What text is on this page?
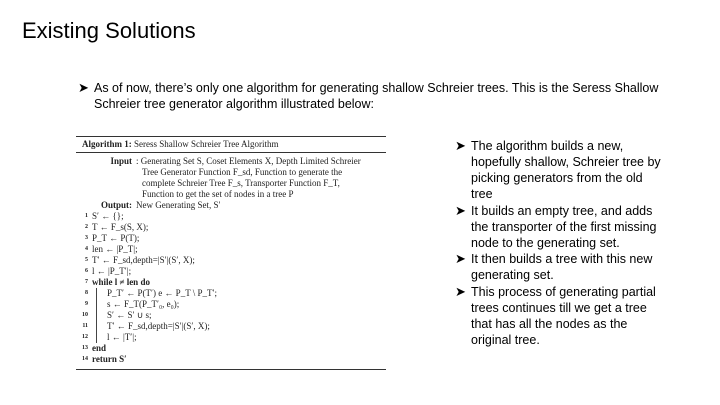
Existing Solutions
➤ As of now, there’s only one algorithm for generating shallow Schreier trees. This is the Seress Shallow Schreier tree generator algorithm illustrated below:
Algorithm 1: Seress Shallow Schreier Tree Algorithm
Input : Generating Set S, Coset Elements X, Depth Limited Schreier
Tree Generator Function F_sd, Function to generate the
complete Schreier Tree F_s, Transporter Function F_T,
Function to get the set of nodes in a tree P
Output: New Generating Set, S′
1 S′ ← {};
2 T ← F_s(S, X);
3 P_T ← P(T);
4 len ← |P_T|;
5 T′ ← F_sd,depth=|S′|(S′, X);
6 l ← |P_T′|;
7 while l ≠ len do
8	P_T′ ← P(T′) e ← P_T \ P_T′;
9	s ← F_T(P_T′₀, e₀);
10	S′ ← S′ ∪ s;
11	T′ ← F_sd,depth=|S′|(S′, X);
12	l ← |T′|;
13 end
14 return S′
➤ The algorithm builds a new, hopefully shallow, Schreier tree by picking generators from the old tree
➤ It builds an empty tree, and adds the transporter of the first missing node to the generating set.
➤ It then builds a tree with this new generating set.
➤ This process of generating partial trees continues till we get a tree that has all the nodes as the original tree.
